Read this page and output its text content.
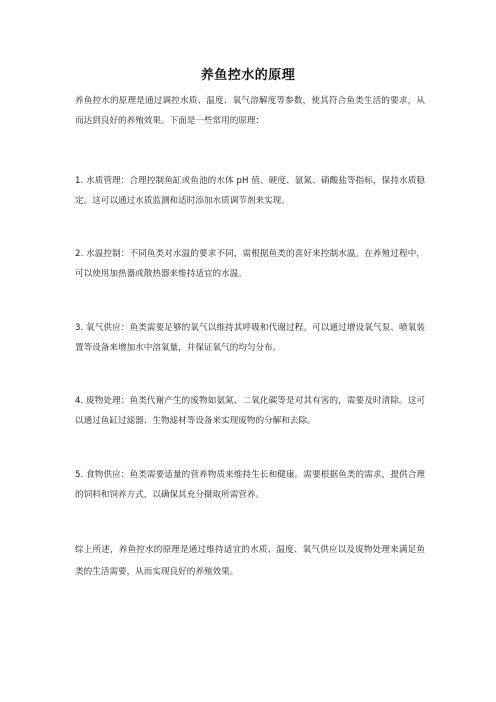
养鱼控水的原理
养鱼控水的原理是通过调控水质、温度、氧气溶解度等参数，使其符合鱼类生活的要求，从而达到良好的养殖效果。下面是一些常用的原理：
1. 水质管理：合理控制鱼缸或鱼池的水体 pH 值、硬度、氨氮、硝酸盐等指标，保持水质稳定。这可以通过水质监测和适时添加水质调节剂来实现。
2. 水温控制：不同鱼类对水温的要求不同，需根据鱼类的喜好来控制水温。在养殖过程中，可以使用加热器或散热器来维持适宜的水温。
3. 氧气供应：鱼类需要足够的氧气以维持其呼吸和代谢过程。可以通过增设氧气泵、喷氧装置等设备来增加水中溶氧量，并保证氧气的均匀分布。
4. 废物处理：鱼类代谢产生的废物如氨氮、二氧化碳等是对其有害的，需要及时清除。这可以通过鱼缸过滤器、生物滤材等设备来实现废物的分解和去除。
5. 食物供应：鱼类需要适量的营养物质来维持生长和健康。需要根据鱼类的需求，提供合理的饲料和饲养方式，以确保其充分摄取所需营养。
综上所述，养鱼控水的原理是通过维持适宜的水质、温度、氧气供应以及废物处理来满足鱼类的生活需要，从而实现良好的养殖效果。
